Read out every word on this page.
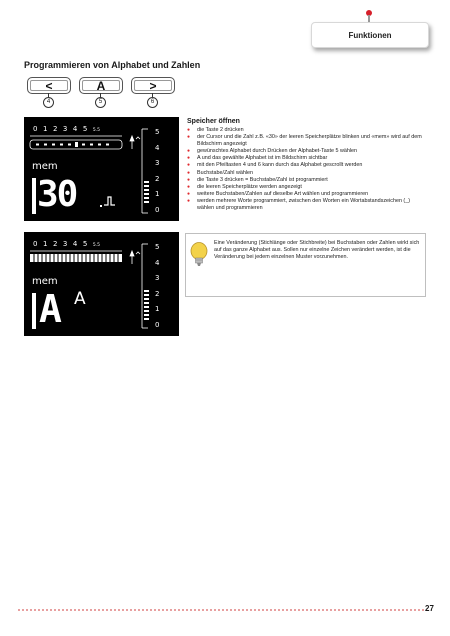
Funktionen
Programmieren von Alphabet und Zahlen
<	A	>
4	5	6
0123455.5	5
4
3
2
1
0
mem
30
0123455.5	5
4
3
2
1
0
mem
A A
Speicher öffnen
● die Taste 2 drücken
● der Cursor und die Zahl z.B. «30» der leeren Speicherplätze blinken und «mem» wird auf dem Bildschirm angezeigt
● gewünschtes Alphabet durch Drücken der Alphabet-Taste 5 wählen
● A und das gewählte Alphabet ist im Bildschirm sichtbar
● mit den Pfeiltasten 4 und 6 kann durch das Alphabet gescrollt werden
● Buchstabe/Zahl wählen
● die Taste 3 drücken = Buchstabe/Zahl ist programmiert
● die leeren Speicherplätze werden angezeigt
● weitere Buchstaben/Zahlen auf dieselbe Art wählen und programmieren
● werden mehrere Worte programmiert, zwischen den Worten ein Wortabstandszeichen (_) wählen und programmieren
Eine Veränderung (Stichlänge oder Stichbreite) bei Buchstaben oder Zahlen wirkt sich auf das ganze Alphabet aus. Sollen nur einzelne Zeichen verändert werden, ist die Veränderung bei jedem einzelnen Muster vorzunehmen.
27
